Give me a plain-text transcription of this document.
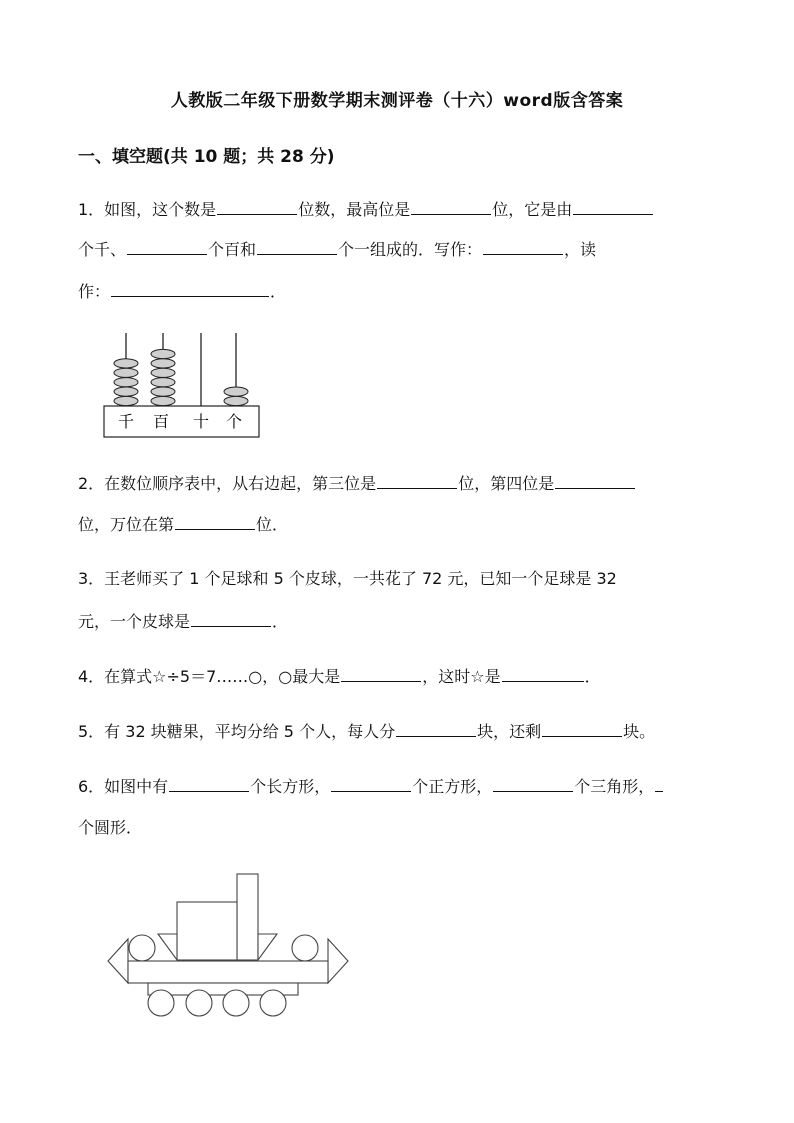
人教版二年级下册数学期末测评卷（十六）word版含答案
一、填空题(共 10 题；共 28 分)
1．如图，这个数是	位数，最高位是	位，它是由
个千、	个百和	个一组成的．写作：	，读
作：	．
千 百 十 个
2．在数位顺序表中，从右边起，第三位是	位，第四位是
位，万位在第	位．
3．王老师买了 1 个足球和 5 个皮球，一共花了 72 元，已知一个足球是 32
元，一个皮球是	．
4．在算式☆÷5＝7……○，○最大是	，这时☆是	．
5．有 32 块糖果，平均分给 5 个人，每人分	块，还剩	块。
6．如图中有	个长方形，	个正方形，	个三角形，
个圆形．
